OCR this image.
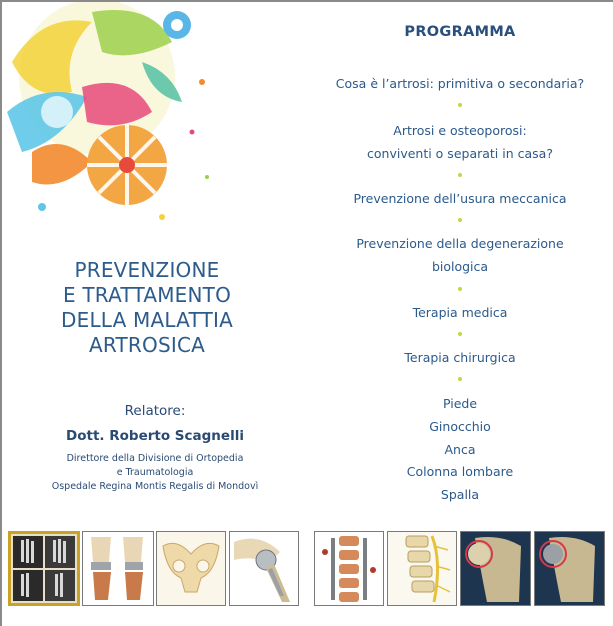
PREVENZIONE
E TRATTAMENTO
DELLA MALATTIA
ARTROSICA
Relatore:
Dott. Roberto Scagnelli
Direttore della Divisione di Ortopedia
e Traumatologia
Ospedale Regina Montis Regalis di Mondovì
PROGRAMMA
Cosa è l’artrosi: primitiva o secondaria?
Artrosi e osteoporosi:
conviventi o separati in casa?
Prevenzione dell’usura meccanica
Prevenzione della degenerazione
biologica
Terapia medica
Terapia chirurgica
Piede
Ginocchio
Anca
Colonna lombare
Spalla
